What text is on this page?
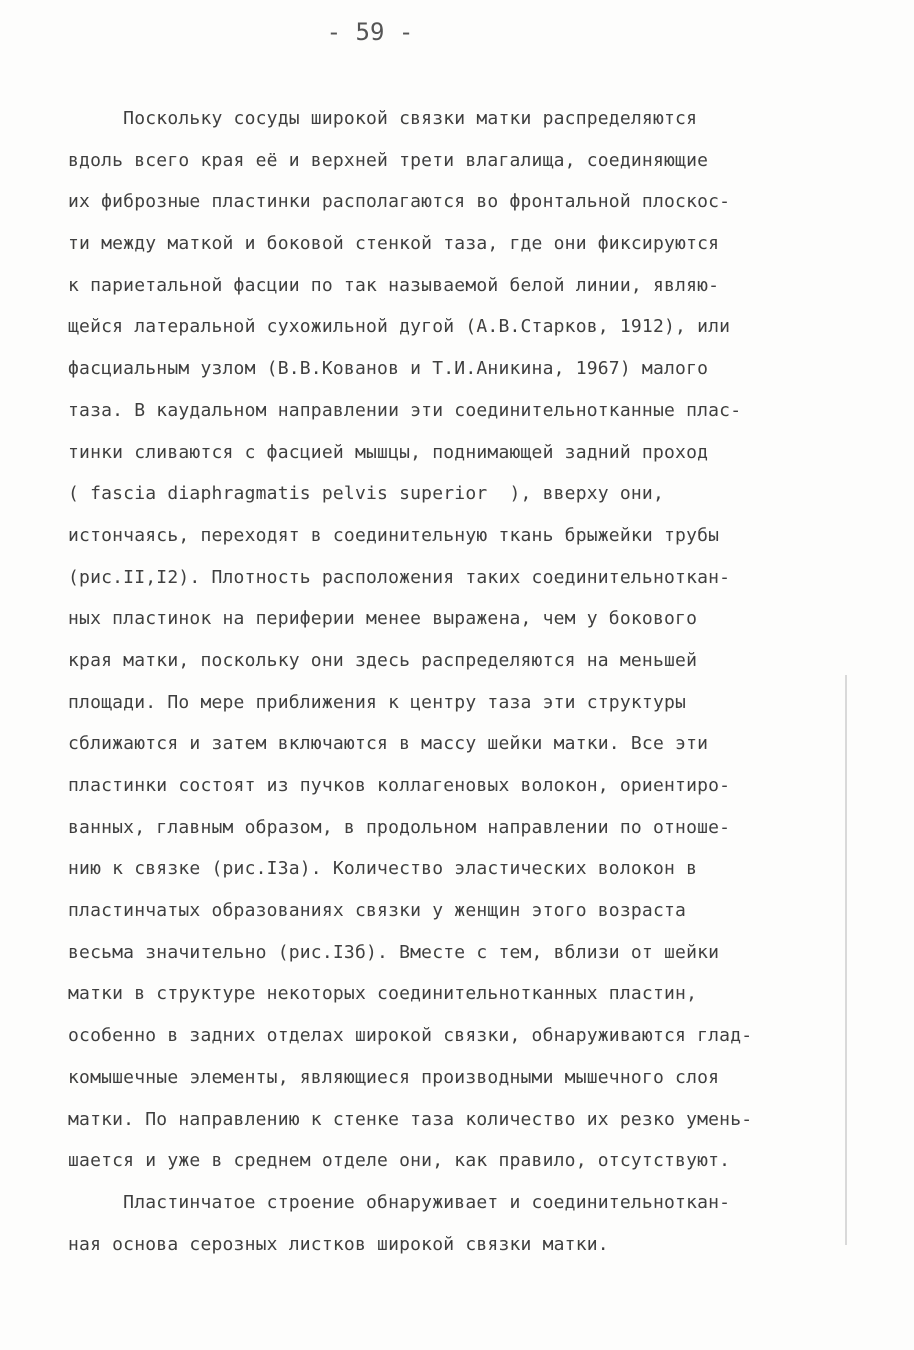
- 59 -
Поскольку сосуды широкой связки матки распределяются
вдоль всего края её и верхней трети влагалища, соединяющие
их фиброзные пластинки располагаются во фронтальной плоскос-
ти между маткой и боковой стенкой таза, где они фиксируются
к париетальной фасции по так называемой белой линии, являю-
щейся латеральной сухожильной дугой (А.В.Старков, 1912), или
фасциальным узлом (В.В.Кованов и Т.И.Аникина, 1967) малого
таза. В каудальном направлении эти соединительнотканные плас-
тинки сливаются с фасцией мышцы, поднимающей задний проход
( fascia diaphragmatis pelvis superior  ), вверху они,
истончаясь, переходят в соединительную ткань брыжейки трубы
(рис.II,I2). Плотность расположения таких соединительноткан-
ных пластинок на периферии менее выражена, чем у бокового
края матки, поскольку они здесь распределяются на меньшей
площади. По мере приближения к центру таза эти структуры
сближаются и затем включаются в массу шейки матки. Все эти
пластинки состоят из пучков коллагеновых волокон, ориентиро-
ванных, главным образом, в продольном направлении по отноше-
нию к связке (рис.I3а). Количество эластических волокон в
пластинчатых образованиях связки у женщин этого возраста
весьма значительно (рис.I3б). Вместе с тем, вблизи от шейки
матки в структуре некоторых соединительнотканных пластин,
особенно в задних отделах широкой связки, обнаруживаются глад-
комышечные элементы, являющиеся производными мышечного слоя
матки. По направлению к стенке таза количество их резко умень-
шается и уже в среднем отделе они, как правило, отсутствуют.
Пластинчатое строение обнаруживает и соединительноткан-
ная основа серозных листков широкой связки матки.
